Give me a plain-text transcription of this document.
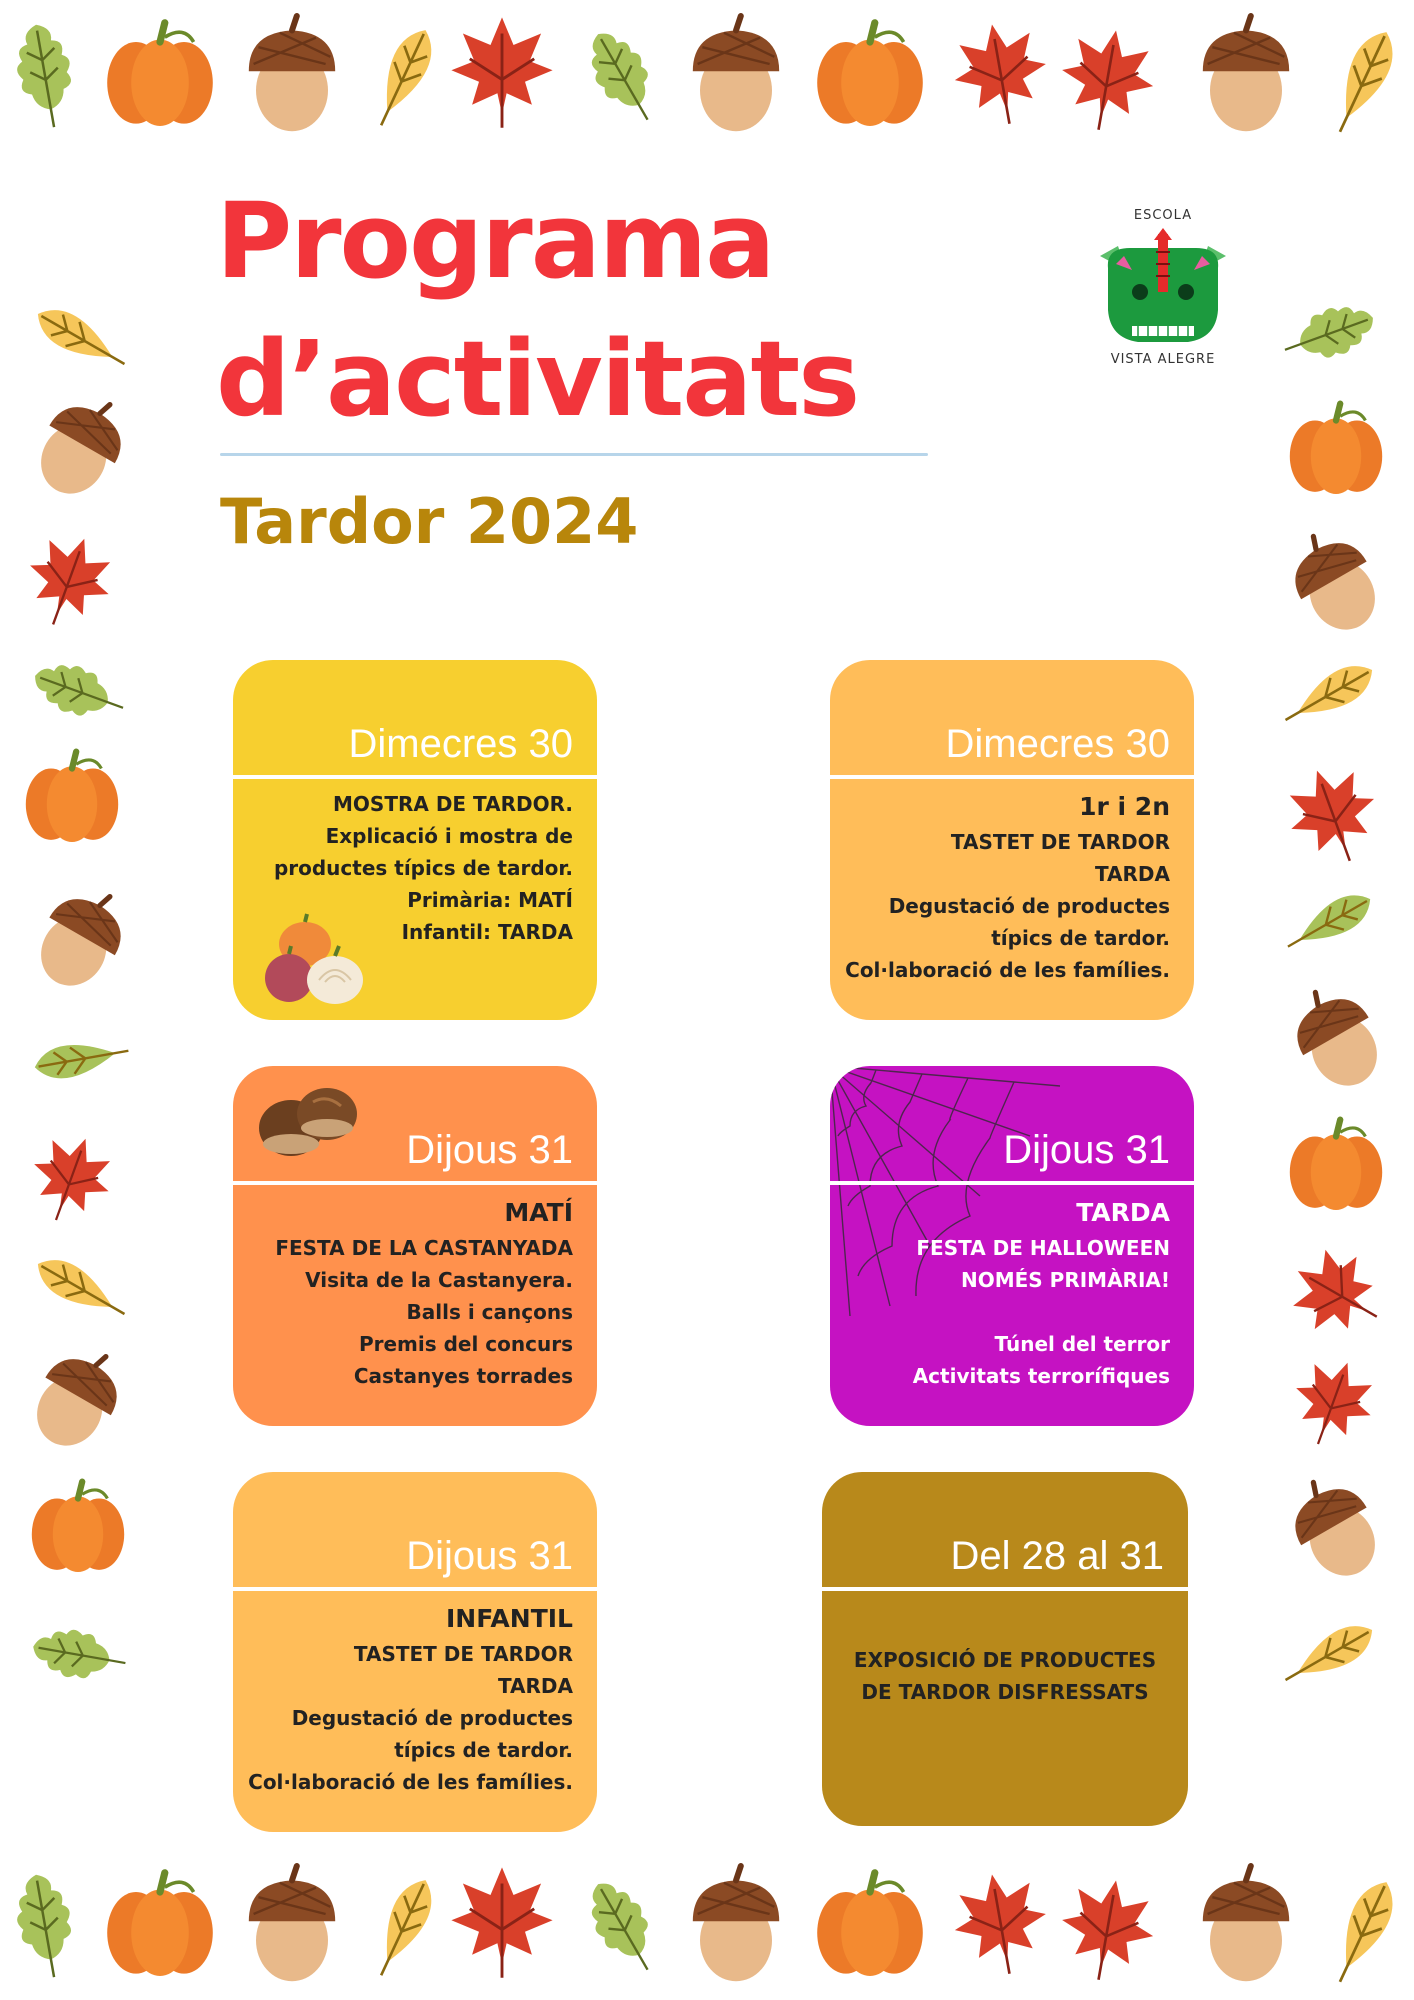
Programa
d’activitats
Tardor 2024
ESCOLA
VISTA ALEGRE
Dimecres 30
MOSTRA DE TARDOR.
Explicació i mostra de
productes típics de tardor.
Primària: MATÍ
Infantil: TARDA
Dimecres 30
1r i 2n
TASTET DE TARDOR
TARDA
Degustació de productes
típics de tardor.
Col·laboració de les famílies.
Dijous 31
MATÍ
FESTA DE LA CASTANYADA
Visita de la Castanyera.
Balls i cançons
Premis del concurs
Castanyes torrades
Dijous 31
TARDA
FESTA DE HALLOWEEN
NOMÉS PRIMÀRIA!
Túnel del terror
Activitats terrorífiques
Dijous 31
INFANTIL
TASTET DE TARDOR
TARDA
Degustació de productes
típics de tardor.
Col·laboració de les famílies.
Del 28 al 31
EXPOSICIÓ DE PRODUCTES
DE TARDOR DISFRESSATS
